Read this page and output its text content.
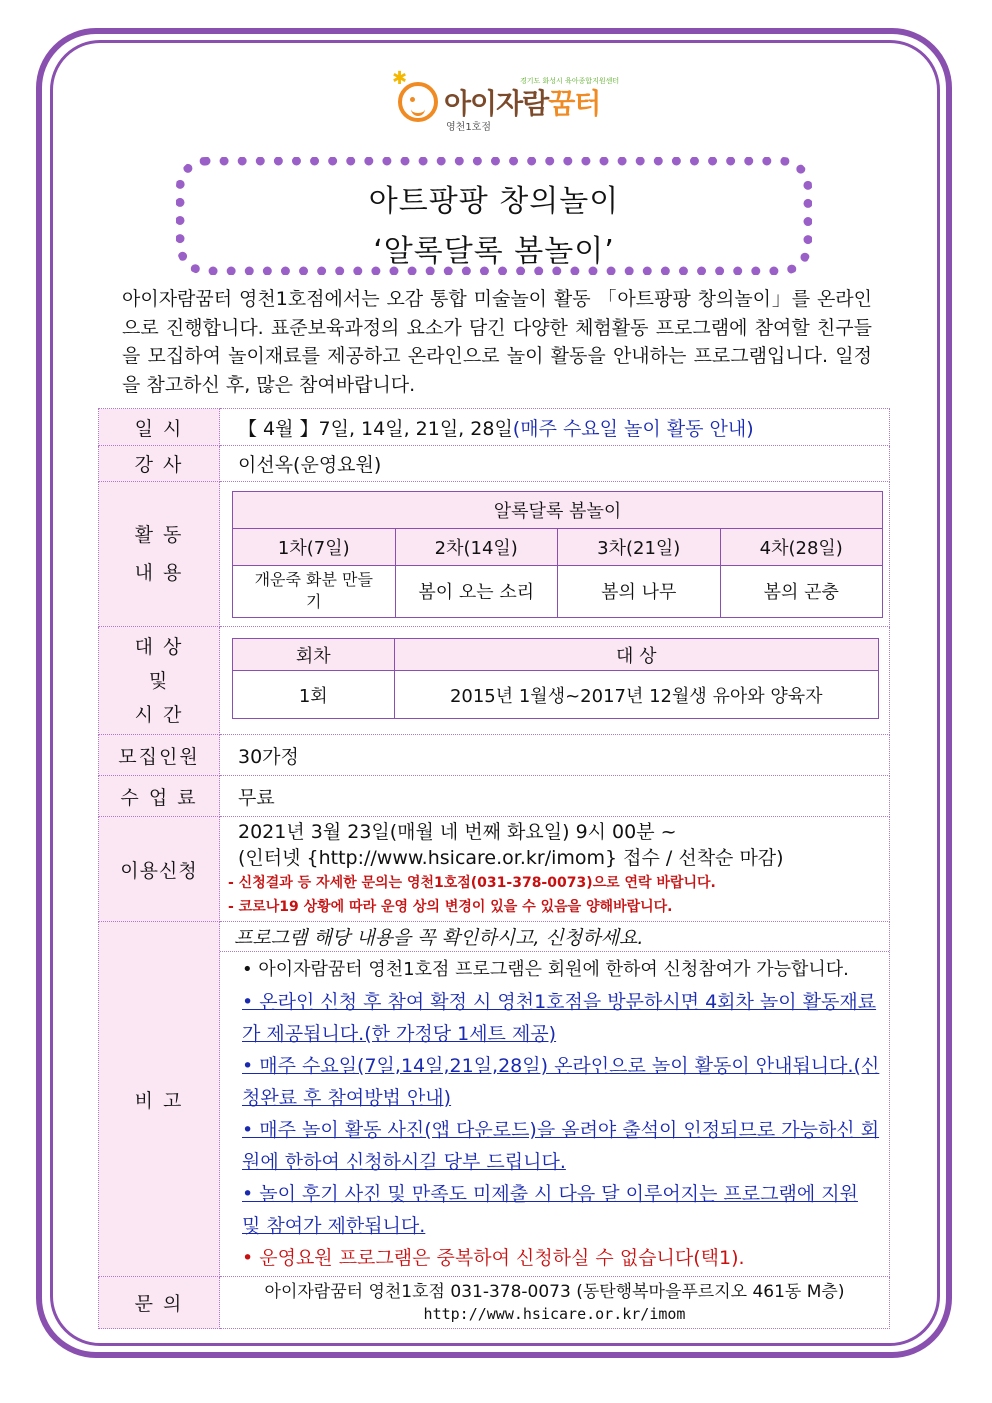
✱
아이자람꿈터
영천1호점
경기도 화성시 육아종합지원센터
아트팡팡 창의놀이
‘알록달록 봄놀이’
아이자람꿈터 영천1호점에서는 오감 통합 미술놀이 활동 「아트팡팡 창의놀이」를 온라인으로 진행합니다. 표준보육과정의 요소가 담긴 다양한 체험활동 프로그램에 참여할 친구들을 모집하여 놀이재료를 제공하고 온라인으로 놀이 활동을 안내하는 프로그램입니다. 일정을 참고하신 후, 많은 참여바랍니다.
일 시	【 4월 】7일, 14일, 21일, 28일(매주 수요일 놀이 활동 안내)
강 사	이선옥(운영요원)

활 동
내 용

알록달록 봄놀이
1차(7일)	2차(14일)	3차(21일)	4차(28일)
개운죽 화분 만들기	봄이 오는 소리	봄의 나무	봄의 곤충

대 상
및
시 간

회차	대 상
1회	2015년 1월생~2017년 12월생 유아와 양육자

모집인원	30가정
수 업 료	무료
이용신청	
2021년 3월 23일(매월 네 번째 화요일) 9시 00분 ~
(인터넷 {http://www.hsicare.or.kr/imom} 접수 / 선착순 마감)
- 신청결과 등 자세한 문의는 영천1호점(031-378-0073)으로 연락 바랍니다.
- 코로나19 상황에 따라 운영 상의 변경이 있을 수 있음을 양해바랍니다.

비 고	
프로그램 해당 내용을 꼭 확인하시고, 신청하세요.
• 아이자람꿈터 영천1호점 프로그램은 회원에 한하여 신청참여가 가능합니다.
• 온라인 신청 후 참여 확정 시 영천1호점을 방문하시면 4회차 놀이 활동재료가 제공됩니다.(한 가정당 1세트 제공)
• 매주 수요일(7일,14일,21일,28일) 온라인으로 놀이 활동이 안내됩니다.(신청완료 후 참여방법 안내)
• 매주 놀이 활동 사진(앱 다운로드)을 올려야 출석이 인정되므로 가능하신 회원에 한하여 신청하시길 당부 드립니다.
• 놀이 후기 사진 및 만족도 미제출 시 다음 달 이루어지는 프로그램에 지원 및 참여가 제한됩니다.
• 운영요원 프로그램은 중복하여 신청하실 수 없습니다(택1).

문 의	
아이자람꿈터 영천1호점 031-378-0073 (동탄행복마을푸르지오 461동 M층)
http://www.hsicare.or.kr/imom
